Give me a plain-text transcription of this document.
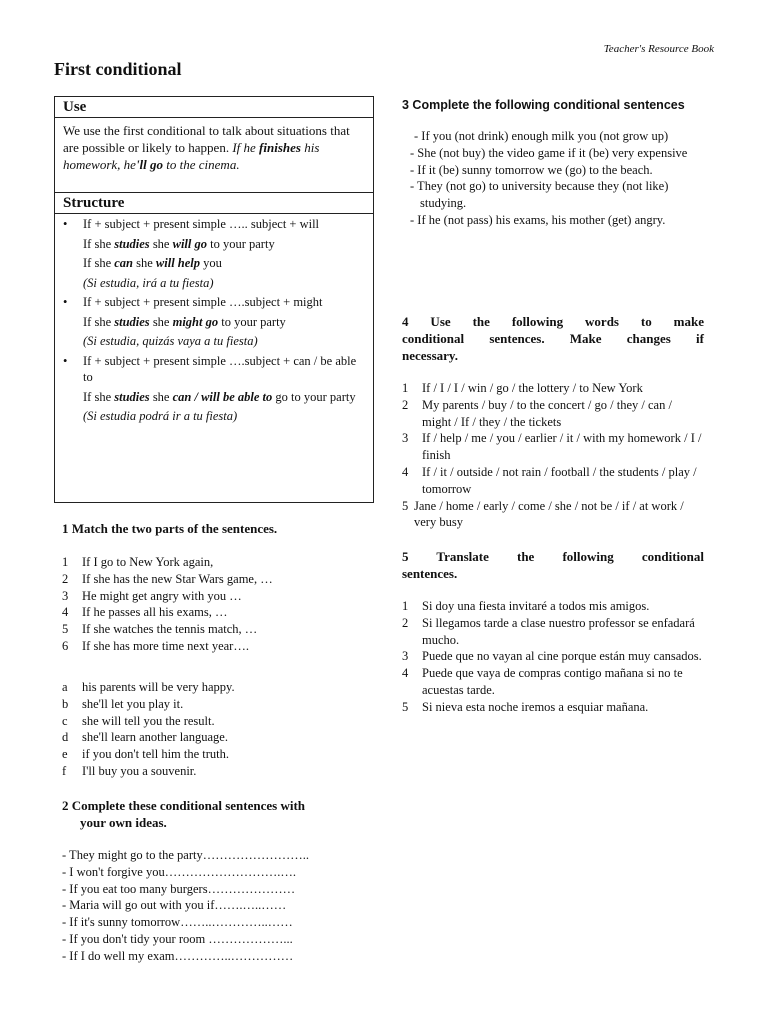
Teacher's Resource Book
First conditional
Use
We use the first conditional to talk about situations that are possible or likely to happen. If he finishes his homework, he'll go to the cinema.
Structure
•	If + subject + present simple ….. subject + will
If she studies she will go to your party
If she can she will help you
(Si estudia, irá a tu fiesta)
•	If + subject + present simple ….subject + might
If she studies she might go to your party
(Si estudia, quizás vaya a tu fiesta)
•	If + subject + present simple ….subject + can / be able to
If she studies she can / will be able to go to your party
(Si estudia podrá ir a tu fiesta)
1 Match the two parts of the sentences.
1	If I go to New York again,
2	If she has the new Star Wars game, …
3	He might get angry with you …
4	If he passes all his exams, …
5	If she watches the tennis match, …
6	If she has more time next year….
a	his parents will be very happy.
b	she'll let you play it.
c	she will tell you the result.
d	she'll learn another language.
e	if you don't tell him the truth.
f	I'll buy you a souvenir.
2 Complete these conditional sentences with
your own ideas.
- They might go to the party……………………..
- I won't forgive you……………………….….
- If you eat too many burgers…………………
- Maria will go out with you if…….…..……
- If it's sunny tomorrow……..…………..……
- If you don't tidy your room ………………...
- If I do well my exam…………..……………
3 Complete the following conditional sentences
- If you (not drink) enough milk you (not grow up)
- She (not buy) the video game if it (be) very expensive
- If it (be) sunny tomorrow we (go) to the beach.
- They (not go) to university because they (not like) studying.
- If he (not pass) his exams, his mother (get) angry.
4 Use the following words to make
conditional sentences. Make changes if
necessary.
1	If / I / I / win / go / the lottery / to New York
2	My parents / buy / to the concert / go / they / can / might / If / they / the tickets
3	If / help / me / you / earlier / it / with my homework / I / finish
4	If / it / outside / not rain / football / the students / play / tomorrow
5 Jane / home / early / come / she / not be / if / at work / very busy
5 Translate the following conditional
sentences.
1	Si doy una fiesta invitaré a todos mis amigos.
2	Si llegamos tarde a clase nuestro professor se enfadará mucho.
3	Puede que no vayan al cine porque están muy cansados.
4	Puede que vaya de compras contigo mañana si no te acuestas tarde.
5	Si nieva esta noche iremos a esquiar mañana.
